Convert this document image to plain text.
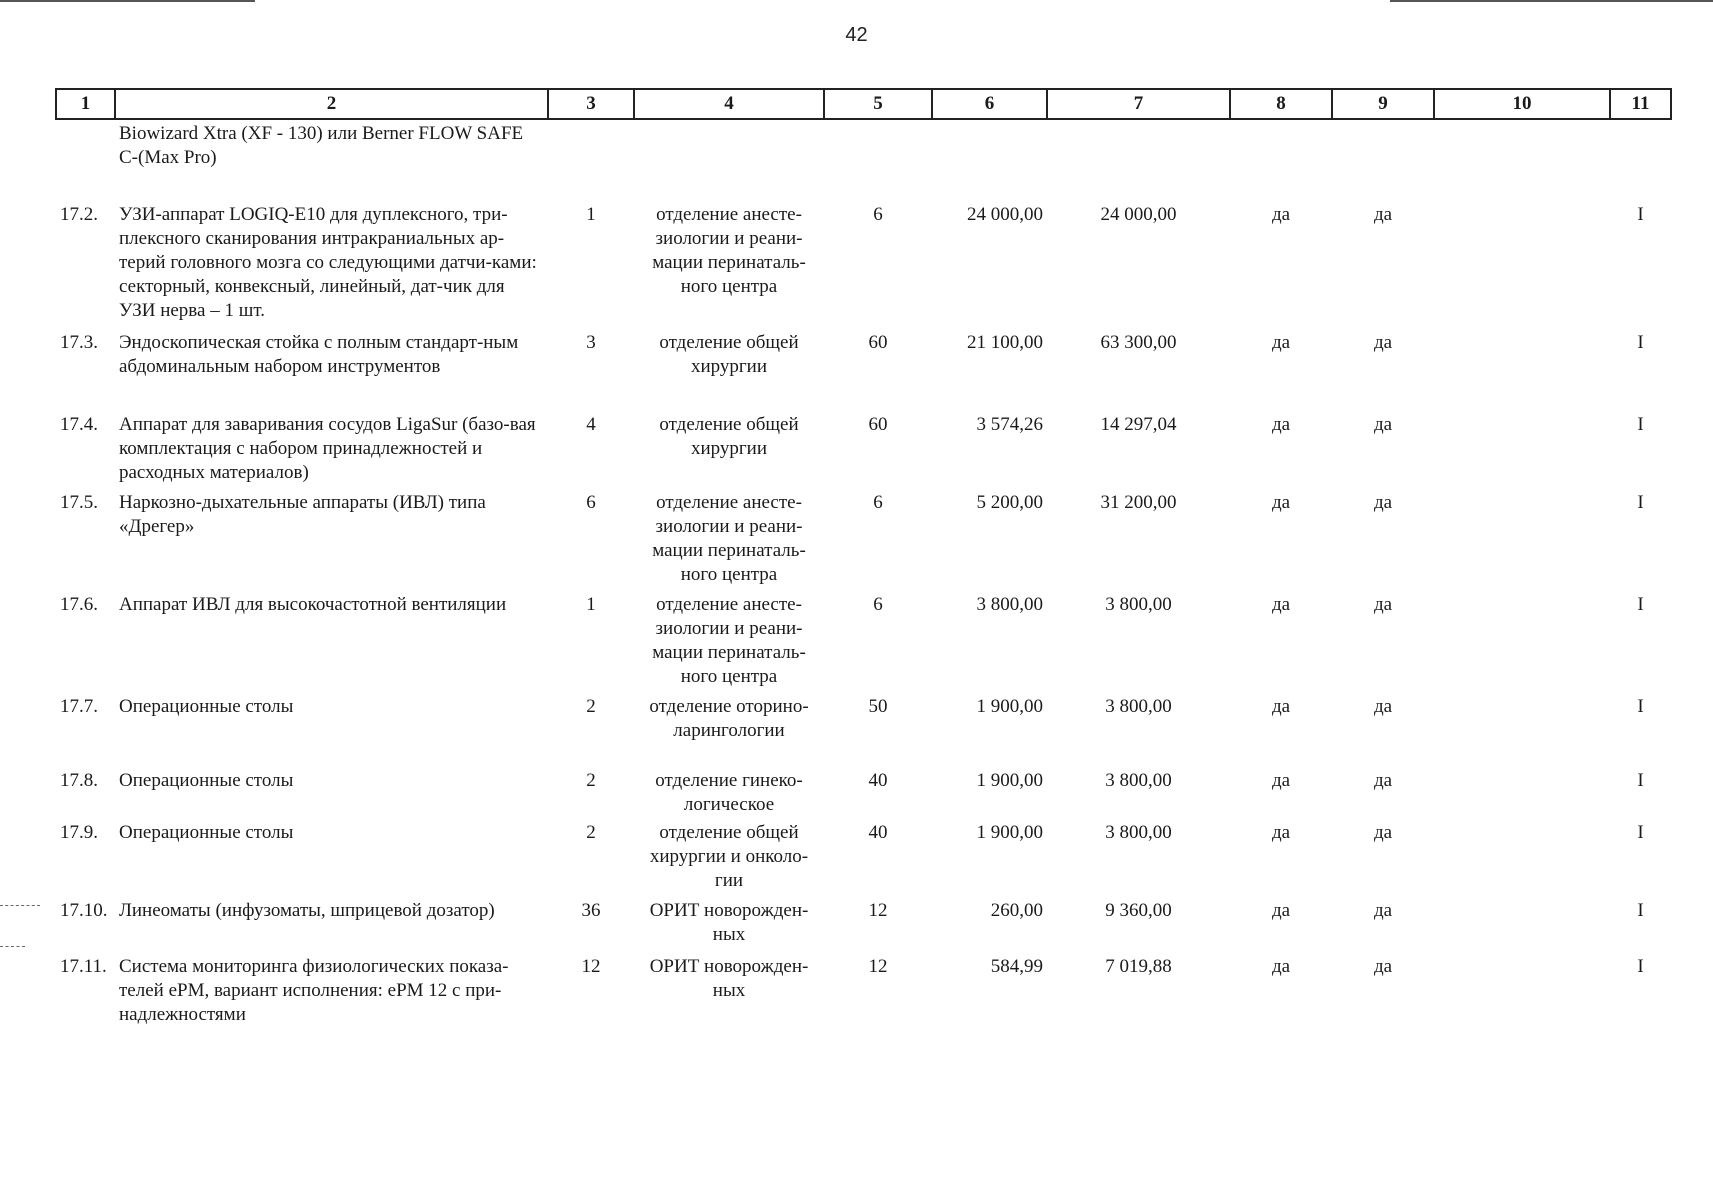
42
1	2	3	4	5	6	7	8	9	10	11
	Biowizard Xtra (XF - 130) или Berner FLOW SAFE C-(Max Pro)									
17.2.	УЗИ-аппарат LOGIQ-E10 для дуплексного, три-плексного сканирования интракраниальных ар-терий головного мозга со следующими датчи-ками: секторный, конвексный, линейный, дат-чик для УЗИ нерва – 1 шт.	1	отделение анесте-зиологии и реани-мации перинаталь-ного центра	6	24 000,00	24 000,00	да	да		I
17.3.	Эндоскопическая стойка с полным стандарт-ным абдоминальным набором инструментов	3	отделение общей хирургии	60	21 100,00	63 300,00	да	да		I
17.4.	Аппарат для заваривания сосудов LigaSur (базо-вая комплектация с набором принадлежностей и расходных материалов)	4	отделение общей хирургии	60	3 574,26	14 297,04	да	да		I
17.5.	Наркозно-дыхательные аппараты (ИВЛ) типа «Дрегер»	6	отделение анесте-зиологии и реани-мации перинаталь-ного центра	6	5 200,00	31 200,00	да	да		I
17.6.	Аппарат ИВЛ для высокочастотной вентиляции	1	отделение анесте-зиологии и реани-мации перинаталь-ного центра	6	3 800,00	3 800,00	да	да		I
17.7.	Операционные столы	2	отделение оторино-ларингологии	50	1 900,00	3 800,00	да	да		I
17.8.	Операционные столы	2	отделение гинеко-логическое	40	1 900,00	3 800,00	да	да		I
17.9.	Операционные столы	2	отделение общей хирургии и онколо-гии	40	1 900,00	3 800,00	да	да		I
17.10.	Линеоматы (инфузоматы, шприцевой дозатор)	36	ОРИТ новорожден-ных	12	260,00	9 360,00	да	да		I
17.11.	Система мониторинга физиологических показа-телей ePM, вариант исполнения: ePM 12 с при-надлежностями	12	ОРИТ новорожден-ных	12	584,99	7 019,88	да	да		I
